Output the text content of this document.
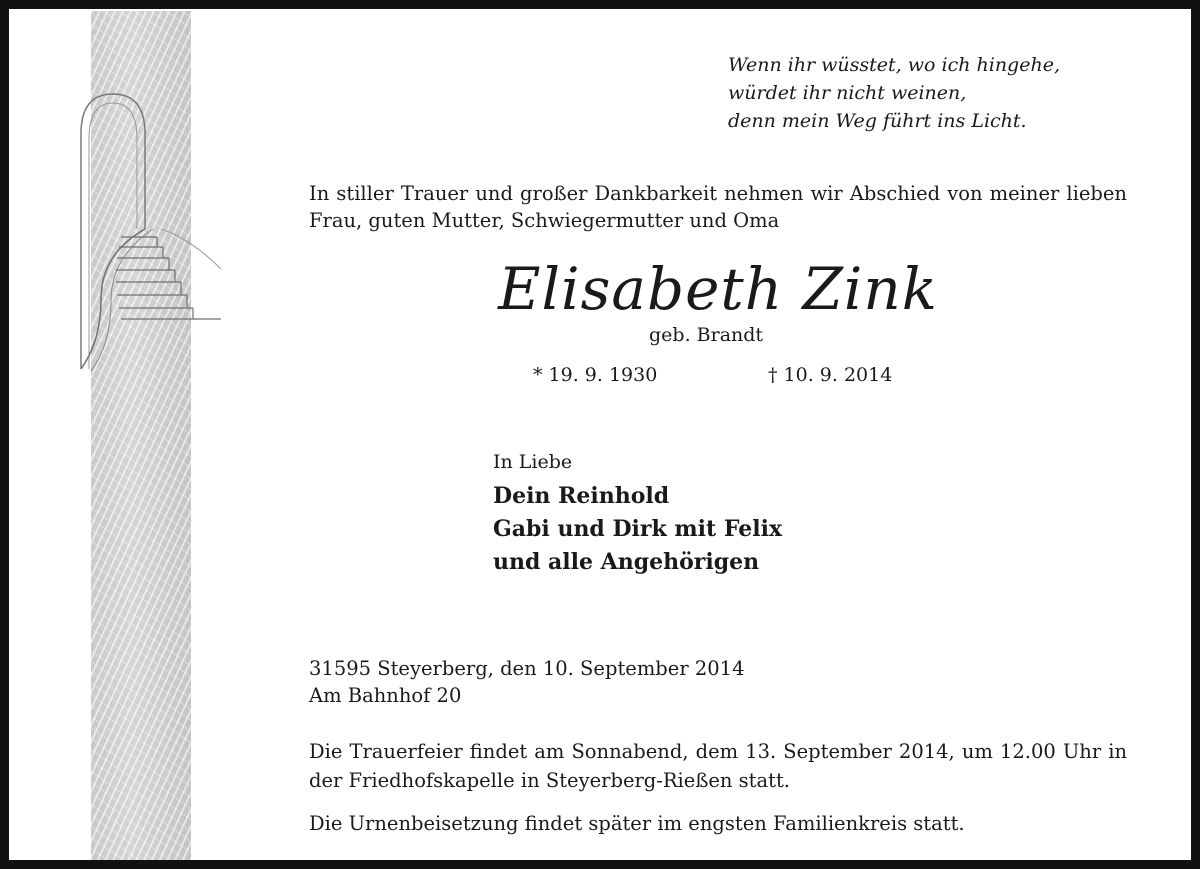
Wenn ihr wüsstet, wo ich hingehe,
würdet ihr nicht weinen,
denn mein Weg führt ins Licht.

In stiller Trauer und großer Dankbarkeit nehmen wir Abschied von meiner lieben Frau, guten Mutter, Schwiegermutter und Oma

Elisabeth Zink
geb. Brandt
* 19. 9. 1930	† 10. 9. 2014
In Liebe
Dein Reinhold
Gabi und Dirk mit Felix
und alle Angehörigen
31595 Steyerberg, den 10. September 2014
Am Bahnhof 20

Die Trauerfeier findet am Sonnabend, dem 13. September 2014, um 12.00 Uhr in der Friedhofskapelle in Steyerberg-Rießen statt.

Die Urnenbeisetzung findet später im engsten Familienkreis statt.
